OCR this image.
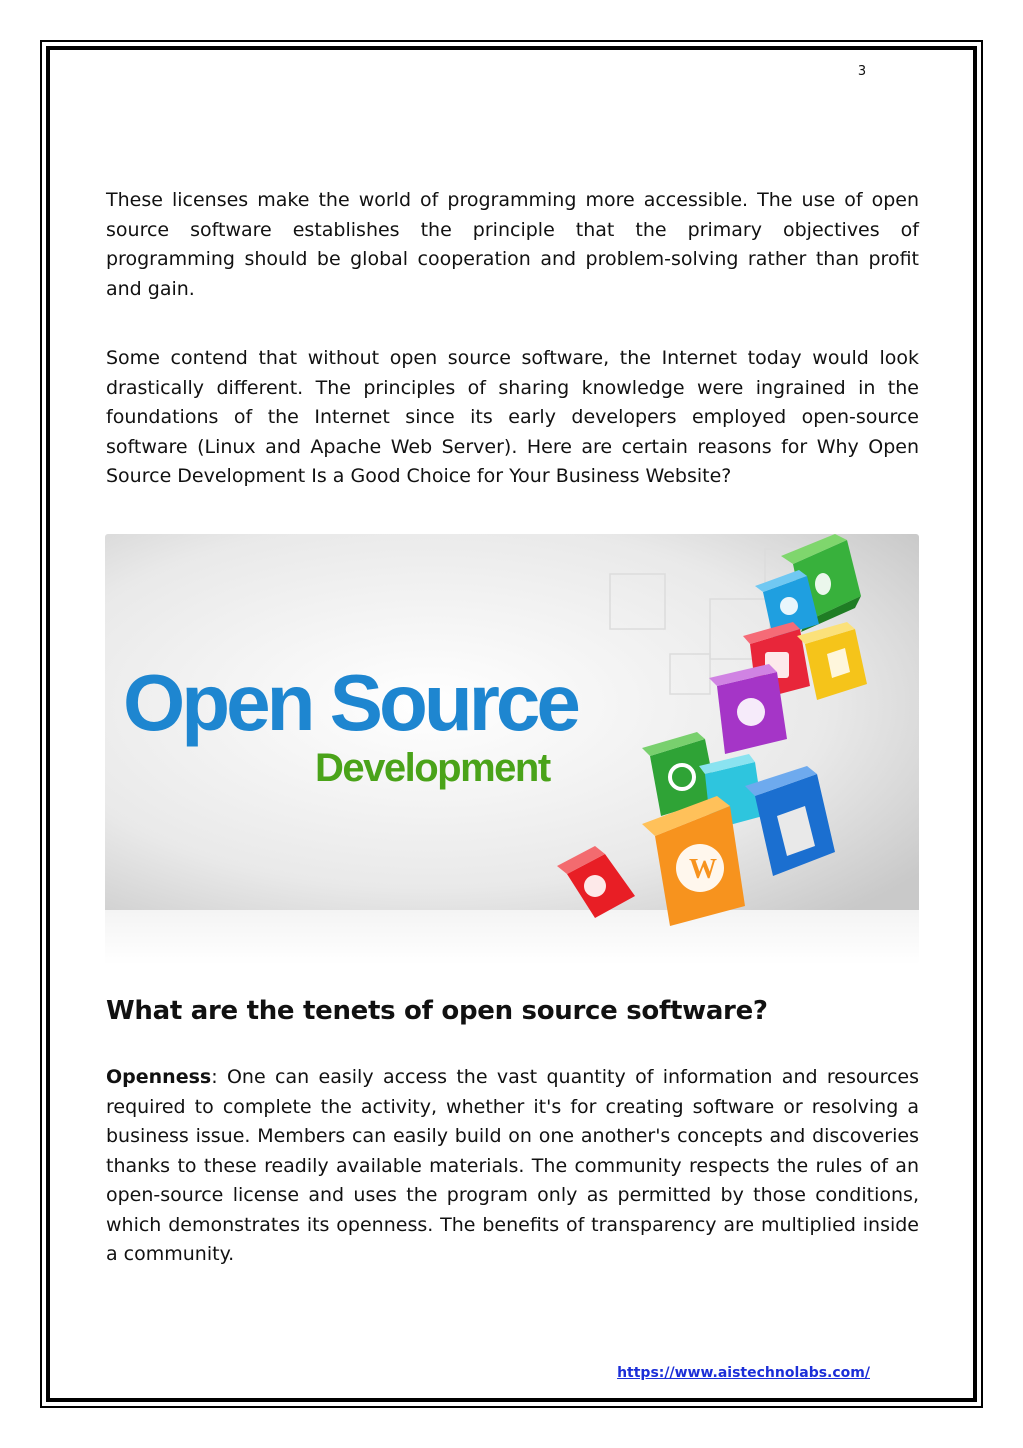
3

These licenses make the world of programming more accessible. The use of open source software establishes the principle that the primary objectives of programming should be global cooperation and problem-solving rather than profit and gain.

Some contend that without open source software, the Internet today would look drastically different. The principles of sharing knowledge were ingrained in the foundations of the Internet since its early developers employed open-source software (Linux and Apache Web Server). Here are certain reasons for Why Open Source Development Is a Good Choice for Your Business Website?

Open Source
Development
W
What are the tenets of open source software?

Openness: One can easily access the vast quantity of information and resources required to complete the activity, whether it's for creating software or resolving a business issue. Members can easily build on one another's concepts and discoveries thanks to these readily available materials. The community respects the rules of an open-source license and uses the program only as permitted by those conditions, which demonstrates its openness. The benefits of transparency are multiplied inside a community.

https://www.aistechnolabs.com/
